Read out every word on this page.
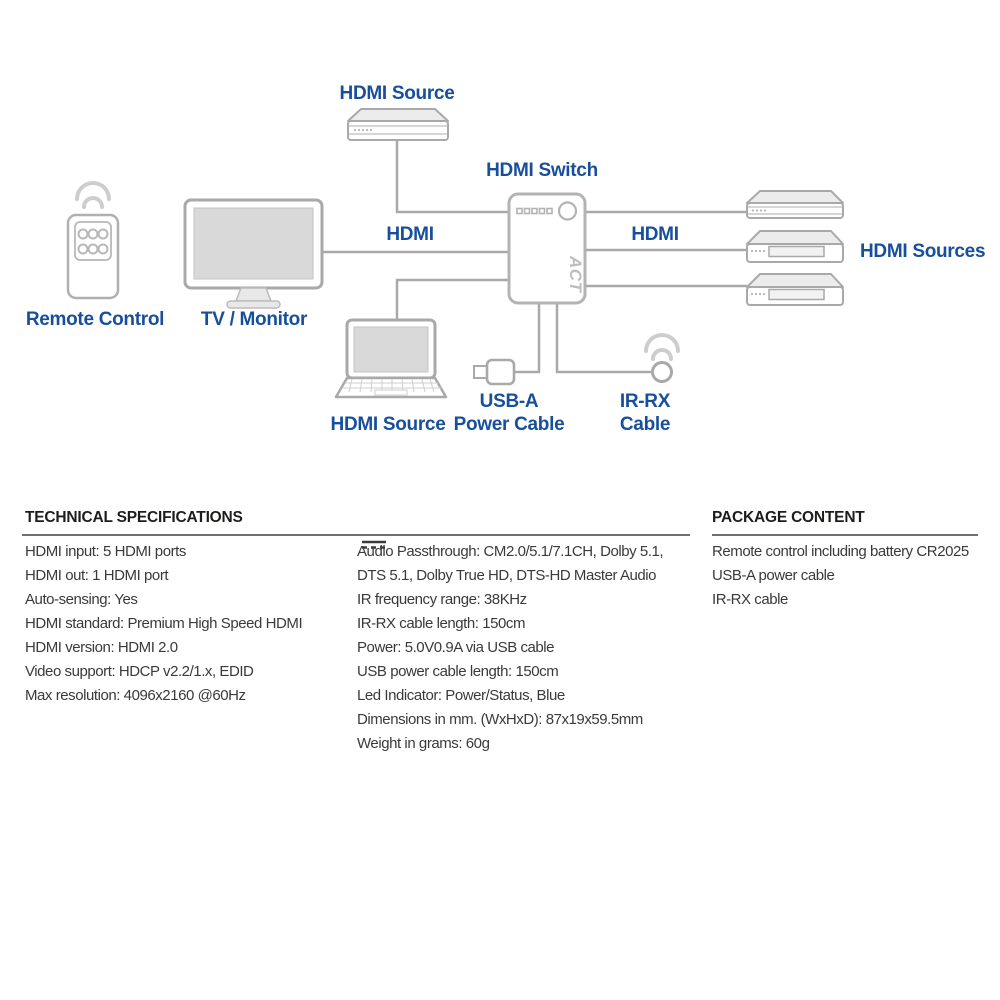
ACT
HDMI Source
HDMI Switch
HDMI	HDMI
Remote Control TV / Monitor
HDMI Source
USB-A
Power Cable
IR-RX
Cable
HDMI Sources
TECHNICAL SPECIFICATIONS
HDMI input: 5 HDMI ports
HDMI out: 1 HDMI port
Auto-sensing: Yes
HDMI standard: Premium High Speed HDMI
HDMI version: HDMI 2.0
Video support: HDCP v2.2/1.x, EDID
Max resolution: 4096x2160 @60Hz
Audio Passthrough: CM2.0/5.1/7.1CH, Dolby 5.1,
DTS 5.1, Dolby True HD, DTS-HD Master Audio
IR frequency range: 38KHz
IR-RX cable length: 150cm
Power: 5.0V
0.9A via USB cable
USB power cable length: 150cm
Led Indicator: Power/Status, Blue
Dimensions in mm. (WxHxD): 87x19x59.5mm
Weight in grams: 60g
PACKAGE CONTENT
Remote control including battery CR2025
USB-A power cable
IR-RX cable
